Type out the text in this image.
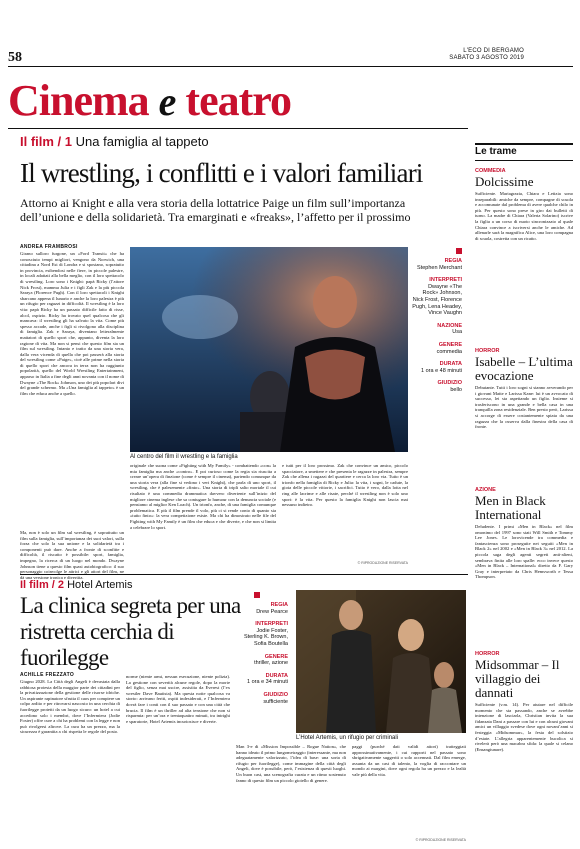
58	L'ECO DI BERGAMO
SABATO 3 AGOSTO 2019
Cinema e teatro
Il film / 1 Una famiglia al tappeto
Il wrestling, i conflitti e i valori familiari
Attorno ai Knight e alla vera storia della lottatrice Paige un film sull’importanza dell’unione e della solidarietà. Tra emarginati e «freaks», l’affetto per il prossimo
ANDREA FRAMBROSI
Girano sulloro furgone, un «Ford Transit» che ha conosciuto tempi migliori, vengono da Norwich, una cittadina a Nord Est di Londra e si spostano, sopratutto in provincia, esibendosi nelle fiere, in piccole palestre, in locali adattati alla bella meglio, con il loro spettacolo di wrestling. Loro sono i Knight: papà Ricky (l’attore Nick Frost), mamma Julia e i figli Zak e la più piccola Saraya (Florence Pugh). Con il loro spettacoli i Knight sbarcano appena il lunario e anche la loro palestra è più un rifugio per ragazzi in difficoltà. Il wrestling è la loro vita: papà Ricky ha un passato difficile fatto di risse, alcol, ospizio. Ricky ha trovato quel qualcosa che gli mancava: il wrestling gli ha salvato la vita. Come più spesso accade, anche i figli si rivolgono alla disciplina di famiglia. Zak e Saraya, diventano letteralmente mattatori di quello sport che, appunto, diventa la loro ragione di vita. Ma non si pensi che questo film sia un film sul wrestling. Intanto e tratto da una storia vera, dalla vera vicenda di quella che poi passerà alla storia del wrestling come «Paige», cioè alle prime nella storia di quello sport che ancora in terra non ha raggiunto popolarità, quello del World Wrestling Entertainment, apparso in Italia a fine degli anni novanta con il nome di Dwayne «The Rock» Johnson, uno dei più popolari divi del grande schermo. Ma «Una famiglia al tappeto» è un film che educa anche a quello.
Ma, non è solo un film sul wrestling, è soprattutto un film sulla famiglia, sull’importanza dei suoi valori, sulla forza che solo la sua unione e la solidarietà tra i componenti può dare. Anche a fronte di sconfitte e difficoltà, il riscatto è possibile: sport, famiglia, impegno, la ricerca di un luogo nel mondo. Dwayne Johnson tiene a questo film quasi autobiografico: il suo personaggio coinvolge le attrici e gli attori del film, ne dà una versione ironica e divertita.
Al centro del film il wrestling e la famiglia
originale che suona come «Fighting with My Family» - combattendo «con» la mia famiglia ma anche «contro». E poi curioso come la regia sia riuscita a creare un’opera di finzione (come è sempre il cinema), partendo comunque da una storia vera (alla fine si vedono i veri Knight), che parla di uno sport, il wrestling, che è palesemente «finto». Una storia di tripli salto mortale il cui risultato è una commedia drammatica davvero divertente sull’inizio del migliore cinema inglese che sa coniugare lo humour con la denuncia sociale (e pensiamo al miglior Ken Loach). Un trionfo, anche, di una famiglia comunque problematica. E più il film prende il volo, più ci si rende conto di quanto sia «tutto finto»: la vera competizione esiste. Ma chi ha dimostrato nelle file del Fighting with My Family è un film che educa e che diverte, e che non si limita a celebrare lo sport.
e tutti per il loro prossimo. Zak che convince un amico, piccolo spacciatore, a smettere e che presenta le ragazze in palestra, sempre Zak che allena i ragazzi del quartiere e cerca la loro via. Tutto è un trionfo nella famiglia di Ricky e Julia: la vita, i sogni, le cadute, la gioia delle piccole vittorie, i sacrifici. Tutto è vero, dalla lotta nel ring alle lacrime e alle risate, perché il wrestling non è solo uno sport: è la vita. Per questo la famiglia Knight non lascia mai nessuno indietro.
© RIPRODUZIONE RISERVATA
REGIA
Stephen Merchant
INTERPRETI
Dwayne «The Rock» Johnson, Nick Frost, Florence Pugh, Lena Headey, Vince Vaughn
NAZIONE
Usa
GENERE
commedia
DURATA
1 ora e 48 minuti
GIUDIZIO
bello
Il film / 2 Hotel Artemis
La clinica segreta per una ristretta cerchia di fuorilegge
REGIA
Drew Pearce
INTERPRETI
Jodie Foster, Sterling K. Brown, Sofia Boutella
GENERE
thriller, azione
DURATA
1 ora e 34 minuti
GIUDIZIO
sufficiente
L’Hotel Artemis, un rifugio per criminali
ACHILLE FREZZATO
Giugno 2028. La Città degli Angeli è devastata dalla rabbiosa protesta della maggior parte dei cittadini per la privatizzazione della gestione delle risorse idriche. Un aspirante rapinatore sfrutta il caos per compiere un colpo ardito e per ritrovarsi nascosto in una cerchia di fuorilegge protetti da un luogo sicuro: un hotel a cui accedono solo i membri, dove l’Infermiera (Jodie Foster) offre cure a chi ha problemi con la legge e non può rivolgersi altrove. La cura ha un prezzo, ma la sicurezza è garantita a chi rispetta le regole del posto.
norme (niente armi, nessun esecuzione, niente polizia). La gestione con severità alcune regole, dopo la morte del figlio, senza mai uscire, assistita da Everest (l’ex wrestler Dave Bautista). Ma questa notte qualcosa va storto: arrivano feriti, ospiti indesiderati, e l’Infermiera dovrà fare i conti con il suo passato e con una città che brucia. Il film è un thriller ad alta tensione che non si risparmia: per un’ora e trentaquattro minuti, tra intrighi e sparatorie, Hotel Artemis incuriosisce e diverte.
Man 3-e di «Mission Impossible – Rogue Nation», che hanno ideato il primo lungometraggio (interessante, ma non adeguatamente valorizzato, l’idea di base: una sorta di rifugio per fuorilegge), come immagine della città degli Angeli, dove è possibile, però, l’esistenza di questi luoghi. Un buon cast, una scenografia curata e un ritmo sostenuto fanno di questo film un piccolo gioiello di genere.
paggi (purché dati validi attori) tratteggiati approssimativamente, i cui rapporti nel passato sono sbrigativamente suggeriti o solo accennati. Dal film emerge, assunta da un cast di talento, la voglia di raccontare un mondo ai margini, dove ogni regola ha un prezzo e la lealtà vale più della vita.
© RIPRODUZIONE RISERVATA
Le trame
COMMEDIA
Dolcissime
Sufficiente. Mariagrazia, Chiara e Letizia sono inseparabili: amiche da sempre, compagne di scuola e accomunate dal problema di avere qualche chilo in più. Per questo sono prese in giro dai bulletti di turno. La madre di Chiara (Valeria Solarino) iscrive la figlia a un corso di nuoto sincronizzato al quale Chiara convince a iscriversi anche le amiche. Ad allenarle sarà la magnifica Alice, una loro compagna di scuola, costretta con un ricatto.
HORROR
Isabelle – L’ultima evocazione
Debutante. Tutti i loro sogni si stanno avverando per i giovani Matte e Larissa Kane: lui è un avvocato di successo, lei sta aspettando un figlio. Insieme si trasferiscono in una grande e bella casa in una tranquilla zona residenziale. Ben presto però, Larissa si accorge di essere costantemente spiata da una ragazza che la osserva dalla finestra della casa di fronte.
AZIONE
Men in Black International
Deludente. I primi «Men in Black» nel film omonimo del 1997 sono stati Will Smith e Tommy Lee Jones. Le lorovicende tra commedia e fantascienza sono proseguite nei seguiti «Men in Black 2» nel 2002 e «Men in Black 3» nel 2012. La piccola saga degli agenti segreti anti-alieni, sembrava finita alle loro spalle: ecco invece questo «Men in Black – International» diretto da F. Gary Gray e interpretato da Chris Hemsworth e Tessa Thompson.
HORROR
Midsommar – Il villaggio dei dannati
Sufficiente (v.m. 14). Per aiutare nel difficile momento che sta passando, anche se avrebbe intenzione di lasciarla, Christian invita la sua fidanzata Dani a passare con lui e con alcuni giovani amici un villaggio svedese dove ogni novant’anni si festeggia «Midsommar», la festa del solstizio d’estate. L’allegria apparentemente bucolica si rivelerà però una macabra sfida: la quale si celano (Ensangiunare).
